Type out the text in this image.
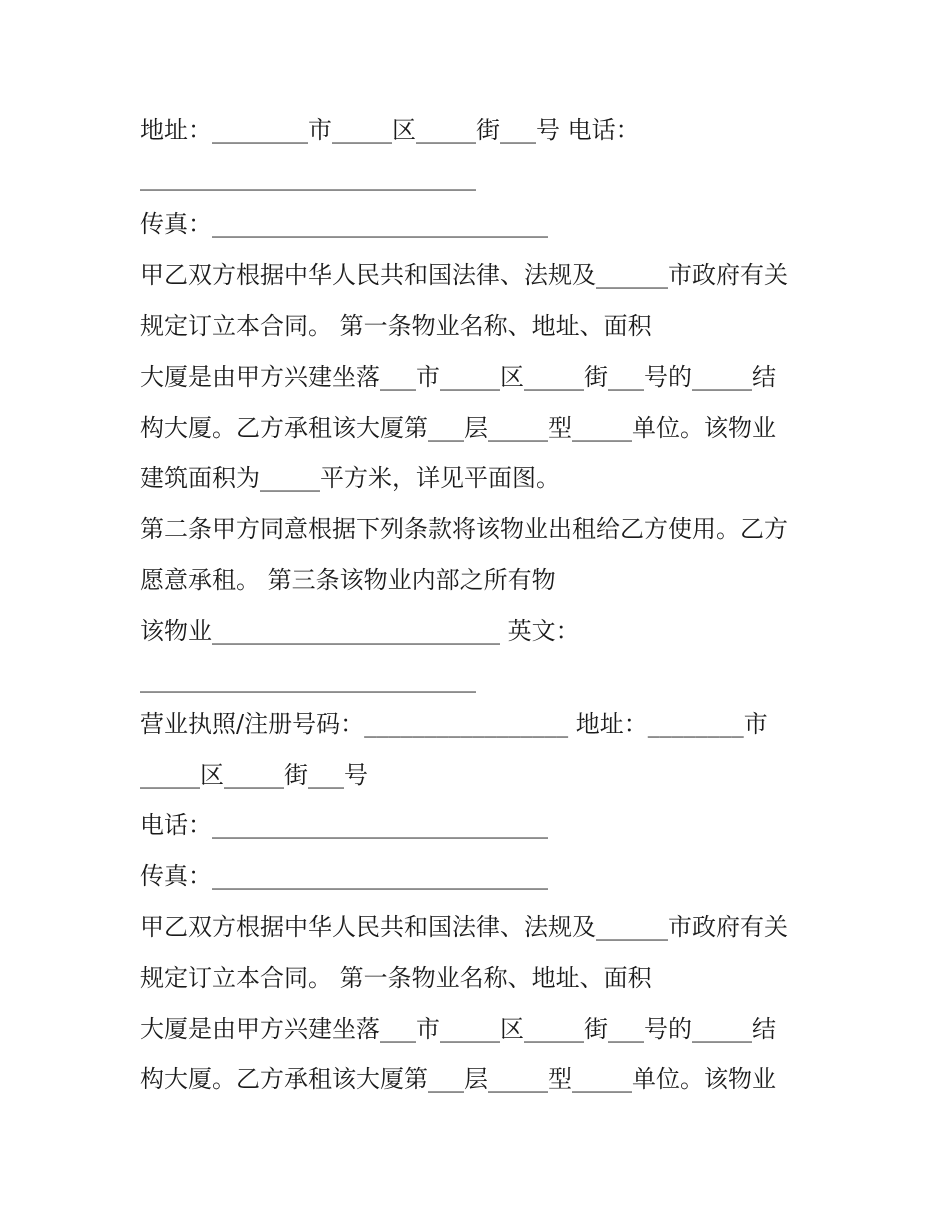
地址：________市_____区_____街___号 电话：

____________________________

传真：____________________________

甲乙双方根据中华人民共和国法律、法规及______市政府有关

规定订立本合同。 第一条物业名称、地址、面积

大厦是由甲方兴建坐落___市_____区_____街___号的_____结

构大厦。乙方承租该大厦第___层_____型_____单位。该物业

建筑面积为_____平方米，详见平面图。

第二条甲方同意根据下列条款将该物业出租给乙方使用。乙方

愿意承租。 第三条该物业内部之所有物

该物业________________________ 英文：

____________________________

营业执照/注册号码：_________________ 地址：________市

_____区_____街___号

电话：____________________________

传真：____________________________

甲乙双方根据中华人民共和国法律、法规及______市政府有关

规定订立本合同。 第一条物业名称、地址、面积

大厦是由甲方兴建坐落___市_____区_____街___号的_____结

构大厦。乙方承租该大厦第___层_____型_____单位。该物业
